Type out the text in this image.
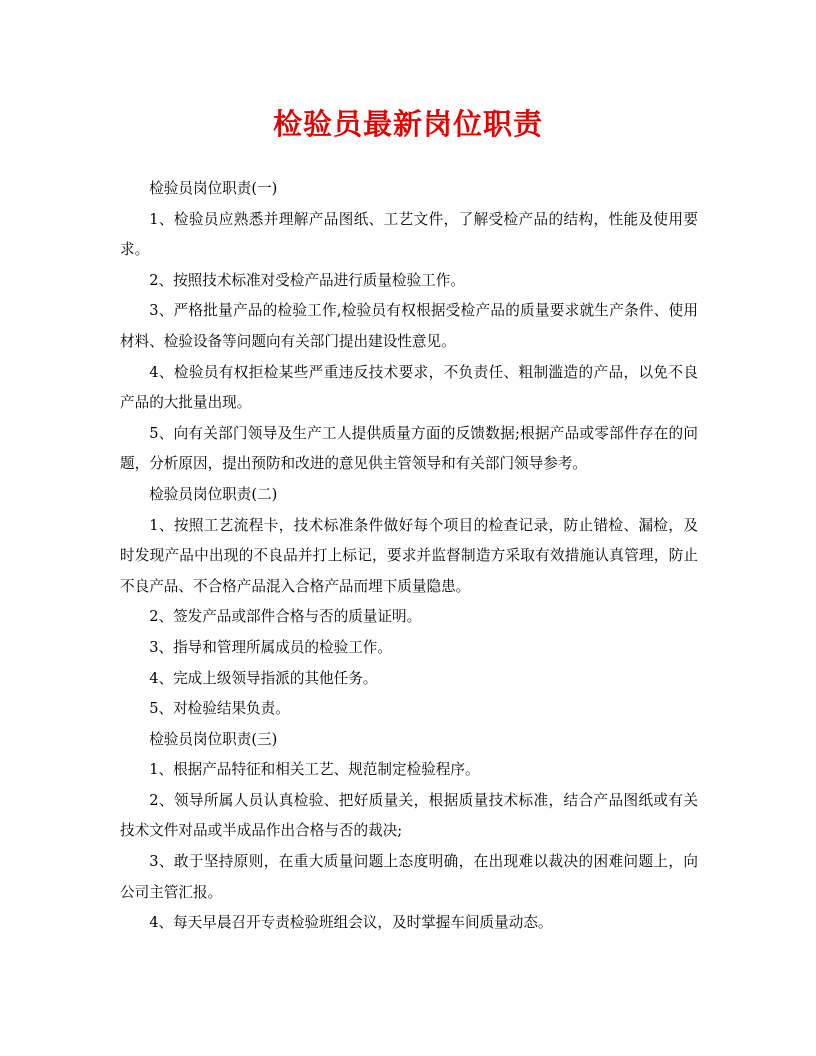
检验员最新岗位职责

检验员岗位职责(一)

1、检验员应熟悉并理解产品图纸、工艺文件，了解受检产品的结构，性能及使用要求。

2、按照技术标准对受检产品进行质量检验工作。

3、严格批量产品的检验工作,检验员有权根据受检产品的质量要求就生产条件、使用材料、检验设备等问题向有关部门提出建设性意见。

4、检验员有权拒检某些严重违反技术要求，不负责任、粗制滥造的产品，以免不良产品的大批量出现。

5、向有关部门领导及生产工人提供质量方面的反馈数据;根据产品或零部件存在的问题，分析原因，提出预防和改进的意见供主管领导和有关部门领导参考。

检验员岗位职责(二)

1、按照工艺流程卡，技术标准条件做好每个项目的检查记录，防止错检、漏检，及时发现产品中出现的不良品并打上标记，要求并监督制造方采取有效措施认真管理，防止不良产品、不合格产品混入合格产品而埋下质量隐患。

2、签发产品或部件合格与否的质量证明。

3、指导和管理所属成员的检验工作。

4、完成上级领导指派的其他任务。

5、对检验结果负责。

检验员岗位职责(三)

1、根据产品特征和相关工艺、规范制定检验程序。

2、领导所属人员认真检验、把好质量关，根据质量技术标准，结合产品图纸或有关技术文件对品或半成品作出合格与否的裁决;

3、敢于坚持原则，在重大质量问题上态度明确，在出现难以裁决的困难问题上，向公司主管汇报。

4、每天早晨召开专责检验班组会议，及时掌握车间质量动态。
